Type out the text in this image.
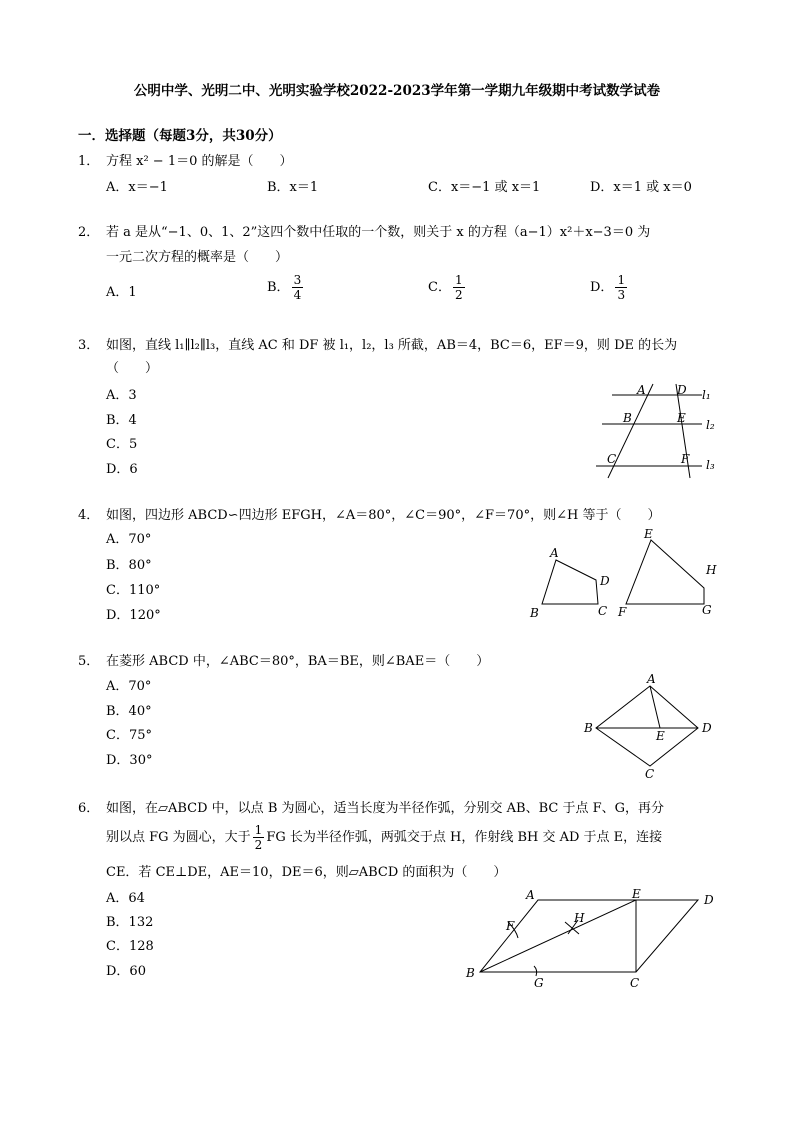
公明中学、光明二中、光明实验学校2022-2023学年第一学期九年级期中考试数学试卷
一．选择题（每题3分，共30分）
1． 方程 x² − 1＝0 的解是（　　）
A．x＝−1	B．x＝1	C．x＝−1 或 x＝1	D．x＝1 或 x＝0
2． 若 a 是从“−1、0、1、2”这四个数中任取的一个数，则关于 x 的方程（a−1）x²＋x−3＝0 为
一元二次方程的概率是（　　）
A．1	B． $\frac{3}{4}$	C． $\frac{1}{2}$	D． $\frac{1}{3}$
3． 如图，直线 l₁∥l₂∥l₃，直线 AC 和 DF 被 l₁，l₂，l₃ 所截，AB＝4，BC＝6，EF＝9，则 DE 的长为
（　　）
A．3
B．4
C．5
D．6
A	D l₁
B	E l₂
C	F l₃
4． 如图，四边形 ABCD∽四边形 EFGH，∠A＝80°，∠C＝90°，∠F＝70°，则∠H 等于（　　）
A．70°
B．80°
C．110°
D．120°
A
D
B	C
E
H
F	G
5． 在菱形 ABCD 中，∠ABC＝80°，BA＝BE，则∠BAE＝（　　）
A．70°
B．40°
C．75°
D．30°
A
B	D
E
C
6． 如图，在▱ABCD 中，以点 B 为圆心，适当长度为半径作弧，分别交 AB、BC 于点 F、G，再分
别以点 FG 为圆心，大于 $\frac{1}{2}$ FG 长为半径作弧，两弧交于点 H，作射线 BH 交 AD 于点 E，连接
CE．若 CE⊥DE，AE＝10，DE＝6，则▱ABCD 的面积为（　　）
A．64
B．132
C．128
D．60
A	E	D
F
H
B
G	C
